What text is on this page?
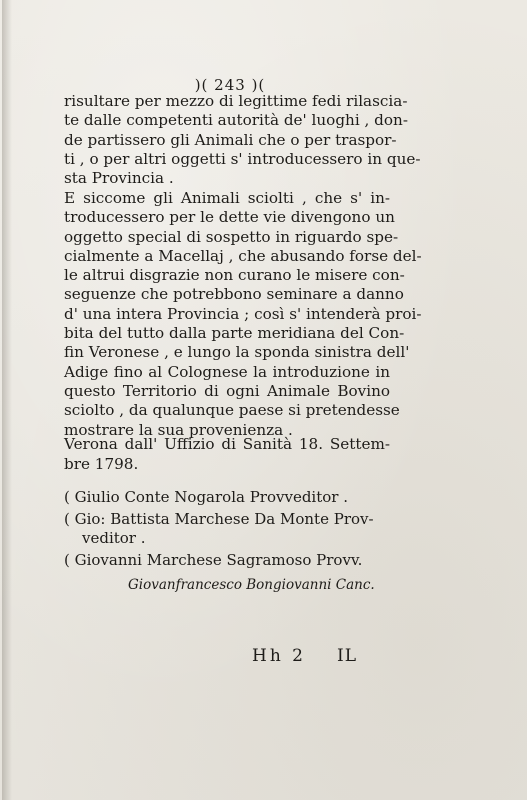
)( 243 )(
risultare per mezzo di legittime fedi rilascia-
te dalle competenti autorità de' luoghi , don-
de partissero gli Animali che o per traspor-
ti , o per altri oggetti s' introducessero in que-
sta Provincia .

E siccome gli Animali sciolti , che s' in-
troducessero per le dette vie divengono un
oggetto special di sospetto in riguardo spe-
cialmente a Macellaj , che abusando forse del-
le altrui disgrazie non curano le misere con-
seguenze che potrebbono seminare a danno
d' una intera Provincia ; così s' intenderà proi-
bita del tutto dalla parte meridiana del Con-
fin Veronese , e lungo la sponda sinistra dell'
Adige fino al Colognese la introduzione in
questo Territorio di ogni Animale Bovino
sciolto , da qualunque paese si pretendesse
mostrare la sua provenienza .
Verona dall' Uffizio di Sanità 18. Settem-
bre 1798.
( Giulio Conte Nogarola Provveditor .
( Gio: Battista Marchese Da Monte Prov-
veditor .
( Giovanni Marchese Sagramoso Provv.
Giovanfrancesco Bongiovanni Canc.
Hh 2 IL
